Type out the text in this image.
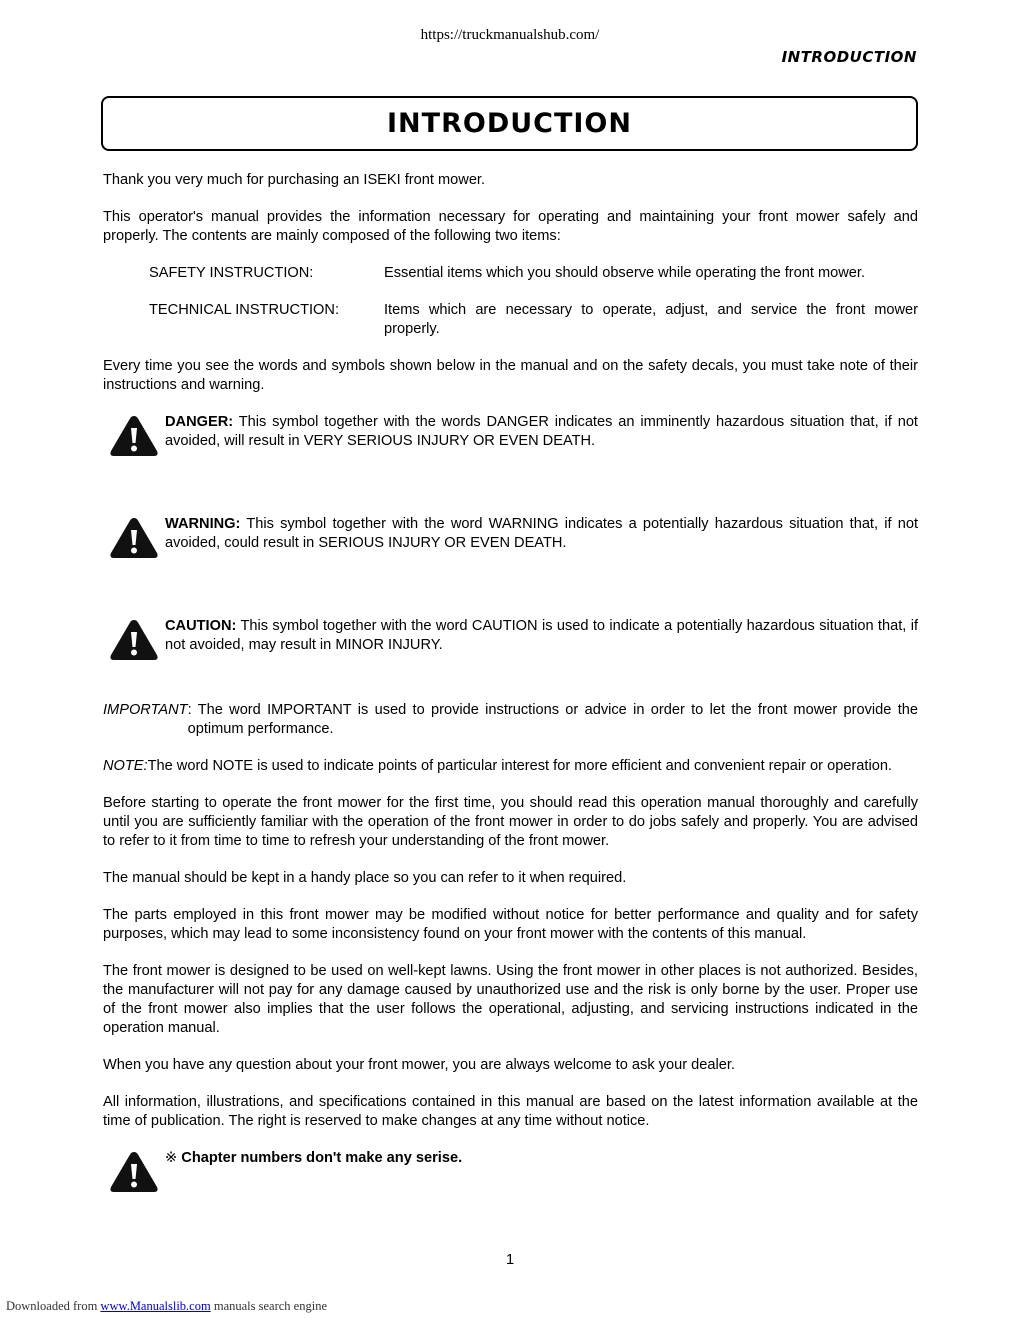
https://truckmanualshub.com/
INTRODUCTION
INTRODUCTION

Thank you very much for purchasing an ISEKI front mower.

This operator's manual provides the information necessary for operating and maintaining your front mower safely and properly. The contents are mainly composed of the following two items:

SAFETY INSTRUCTION:	Essential items which you should observe while operating the front mower.
TECHNICAL INSTRUCTION:	Items which are necessary to operate, adjust, and service the front mower properly.

Every time you see the words and symbols shown below in the manual and on the safety decals, you must take note of their instructions and warning.

DANGER: This symbol together with the words DANGER indicates an imminently hazardous situation that, if not avoided, will result in VERY SERIOUS INJURY OR EVEN DEATH.
WARNING: This symbol together with the word WARNING indicates a potentially hazardous situation that, if not avoided, could result in SERIOUS INJURY OR EVEN DEATH.
CAUTION: This symbol together with the word CAUTION is used to indicate a potentially hazardous situation that, if not avoided, may result in MINOR INJURY.
IMPORTANT : The word IMPORTANT is used to provide instructions or advice in order to let the front mower provide the optimum performance.
NOTE: The word NOTE is used to indicate points of particular interest for more efficient and convenient repair or operation.

Before starting to operate the front mower for the first time, you should read this operation manual thoroughly and carefully until you are sufficiently familiar with the operation of the front mower in order to do jobs safely and properly. You are advised to refer to it from time to time to refresh your understanding of the front mower.

The manual should be kept in a handy place so you can refer to it when required.

The parts employed in this front mower may be modified without notice for better performance and quality and for safety purposes, which may lead to some inconsistency found on your front mower with the contents of this manual.

The front mower is designed to be used on well-kept lawns. Using the front mower in other places is not authorized. Besides, the manufacturer will not pay for any damage caused by unauthorized use and the risk is only borne by the user. Proper use of the front mower also implies that the user follows the operational, adjusting, and servicing instructions indicated in the operation manual.

When you have any question about your front mower, you are always welcome to ask your dealer.

All information, illustrations, and specifications contained in this manual are based on the latest information available at the time of publication. The right is reserved to make changes at any time without notice.

※ Chapter numbers don't make any serise.
1
Downloaded from www.Manualslib.com manuals search engine
